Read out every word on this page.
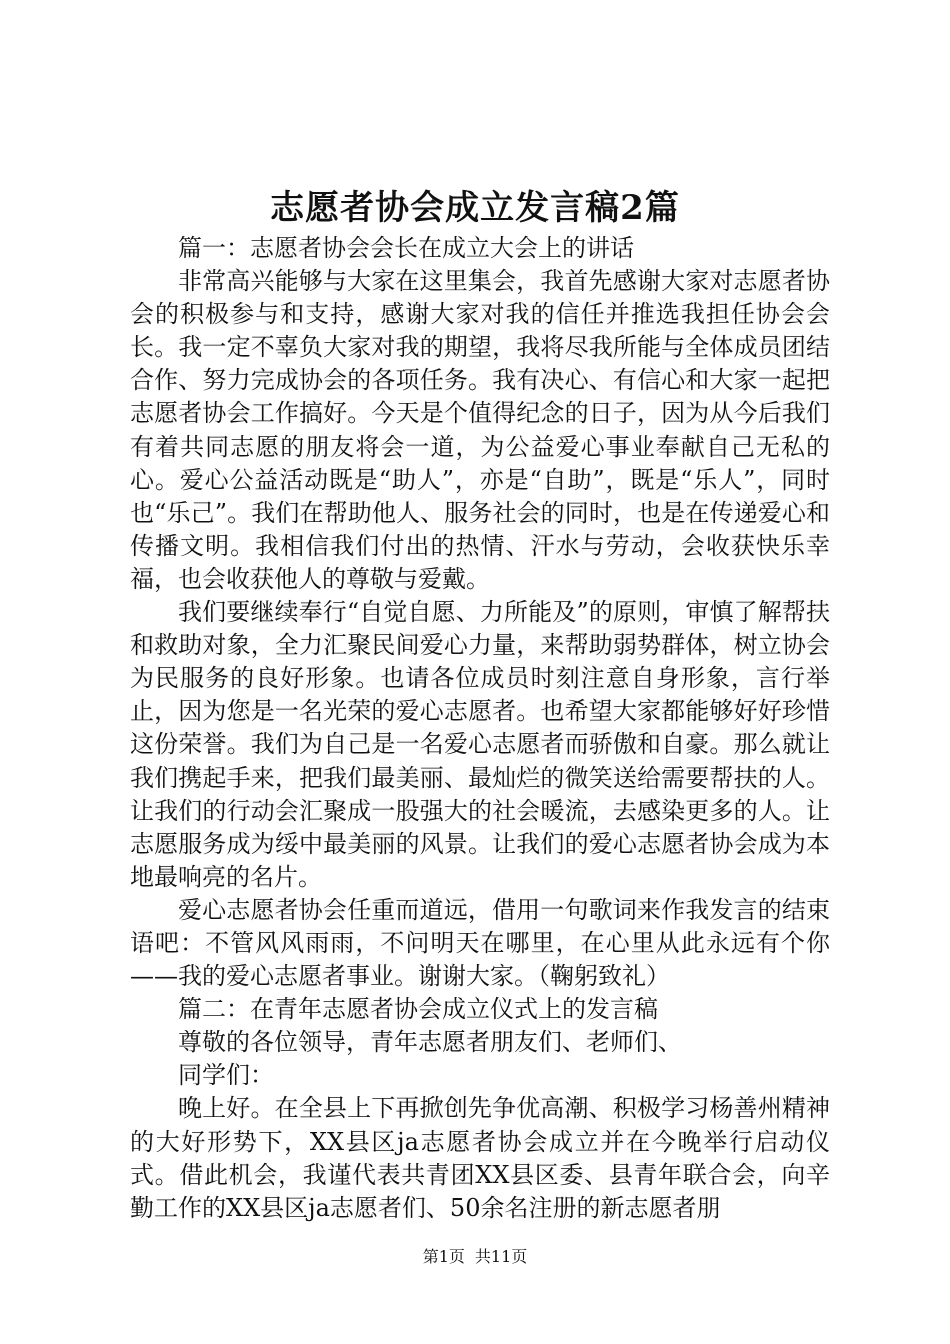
志愿者协会成立发言稿2篇

篇一：志愿者协会会长在成立大会上的讲话

非常高兴能够与大家在这里集会，我首先感谢大家对志愿者协会的积极参与和支持，感谢大家对我的信任并推选我担任协会会长。我一定不辜负大家对我的期望，我将尽我所能与全体成员团结合作、努力完成协会的各项任务。我有决心、有信心和大家一起把志愿者协会工作搞好。今天是个值得纪念的日子，因为从今后我们有着共同志愿的朋友将会一道，为公益爱心事业奉献自己无私的心。爱心公益活动既是“助人”，亦是“自助”，既是“乐人”，同时也“乐己”。我们在帮助他人、服务社会的同时，也是在传递爱心和传播文明。我相信我们付出的热情、汗水与劳动，会收获快乐幸福，也会收获他人的尊敬与爱戴。

我们要继续奉行“自觉自愿、力所能及”的原则，审慎了解帮扶和救助对象，全力汇聚民间爱心力量，来帮助弱势群体，树立协会为民服务的良好形象。也请各位成员时刻注意自身形象，言行举止，因为您是一名光荣的爱心志愿者。也希望大家都能够好好珍惜这份荣誉。我们为自己是一名爱心志愿者而骄傲和自豪。那么就让我们携起手来，把我们最美丽、最灿烂的微笑送给需要帮扶的人。让我们的行动会汇聚成一股强大的社会暖流，去感染更多的人。让志愿服务成为绥中最美丽的风景。让我们的爱心志愿者协会成为本地最响亮的名片。

爱心志愿者协会任重而道远，借用一句歌词来作我发言的结束语吧：不管风风雨雨，不问明天在哪里，在心里从此永远有个你——我的爱心志愿者事业。谢谢大家。（鞠躬致礼）

篇二：在青年志愿者协会成立仪式上的发言稿

尊敬的各位领导，青年志愿者朋友们、老师们、

同学们：

晚上好。在全县上下再掀创先争优高潮、积极学习杨善州精神的大好形势下，XX县区ja志愿者协会成立并在今晚举行启动仪式。借此机会，我谨代表共青团XX县区委、县青年联合会，向辛勤工作的XX县区ja志愿者们、50余名注册的新志愿者朋

第1页 共11页
